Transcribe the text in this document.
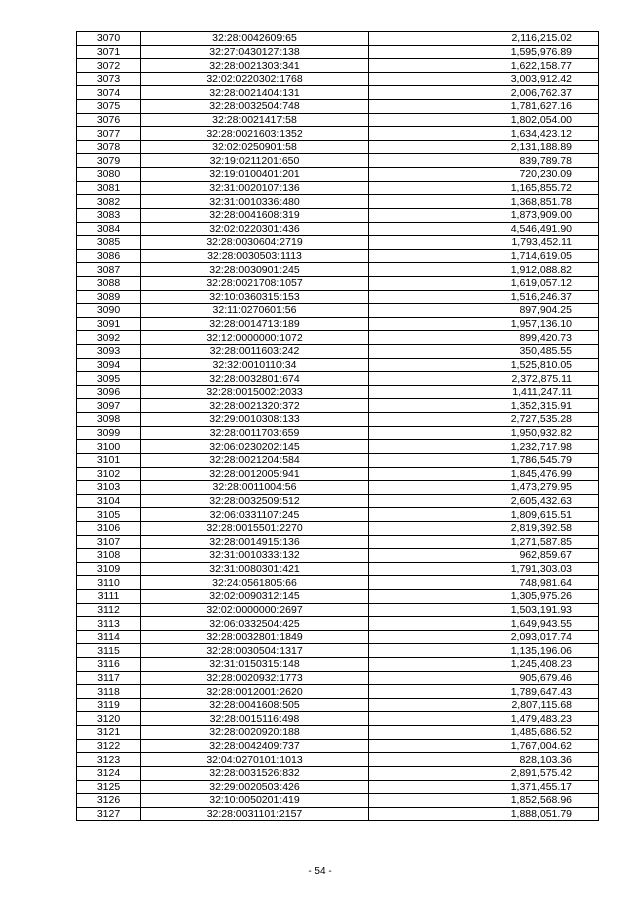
3070	32:28:0042609:65	2,116,215.02
3071	32:27:0430127:138	1,595,976.89
3072	32:28:0021303:341	1,622,158.77
3073	32:02:0220302:1768	3,003,912.42
3074	32:28:0021404:131	2,006,762.37
3075	32:28:0032504:748	1,781,627.16
3076	32:28:0021417:58	1,802,054.00
3077	32:28:0021603:1352	1,634,423.12
3078	32:02:0250901:58	2,131,188.89
3079	32:19:0211201:650	839,789.78
3080	32:19:0100401:201	720,230.09
3081	32:31:0020107:136	1,165,855.72
3082	32:31:0010336:480	1,368,851.78
3083	32:28:0041608:319	1,873,909.00
3084	32:02:0220301:436	4,546,491.90
3085	32:28:0030604:2719	1,793,452.11
3086	32:28:0030503:1113	1,714,619.05
3087	32:28:0030901:245	1,912,088.82
3088	32:28:0021708:1057	1,619,057.12
3089	32:10:0360315:153	1,516,246.37
3090	32:11:0270601:56	897,904.25
3091	32:28:0014713:189	1,957,136.10
3092	32:12:0000000:1072	899,420.73
3093	32:28:0011603:242	350,485.55
3094	32:32:0010110:34	1,525,810.05
3095	32:28:0032801:674	2,372,875.11
3096	32:28:0015002:2033	1,411,247.11
3097	32:28:0021320:372	1,352,315.91
3098	32:29:0010308:133	2,727,535.28
3099	32:28:0011703:659	1,950,932.82
3100	32:06:0230202:145	1,232,717.98
3101	32:28:0021204:584	1,786,545.79
3102	32:28:0012005:941	1,845,476.99
3103	32:28:0011004:56	1,473,279.95
3104	32:28:0032509:512	2,605,432.63
3105	32:06:0331107:245	1,809,615.51
3106	32:28:0015501:2270	2,819,392.58
3107	32:28:0014915:136	1,271,587.85
3108	32:31:0010333:132	962,859.67
3109	32:31:0080301:421	1,791,303.03
3110	32:24:0561805:66	748,981.64
3111	32:02:0090312:145	1,305,975.26
3112	32:02:0000000:2697	1,503,191.93
3113	32:06:0332504:425	1,649,943.55
3114	32:28:0032801:1849	2,093,017.74
3115	32:28:0030504:1317	1,135,196.06
3116	32:31:0150315:148	1,245,408.23
3117	32:28:0020932:1773	905,679.46
3118	32:28:0012001:2620	1,789,647.43
3119	32:28:0041608:505	2,807,115.68
3120	32:28:0015116:498	1,479,483.23
3121	32:28:0020920:188	1,485,686.52
3122	32:28:0042409:737	1,767,004.62
3123	32:04:0270101:1013	828,103.36
3124	32:28:0031526:832	2,891,575.42
3125	32:29:0020503:426	1,371,455.17
3126	32:10:0050201:419	1,852,568.96
3127	32:28:0031101:2157	1,888,051.79
- 54 -
